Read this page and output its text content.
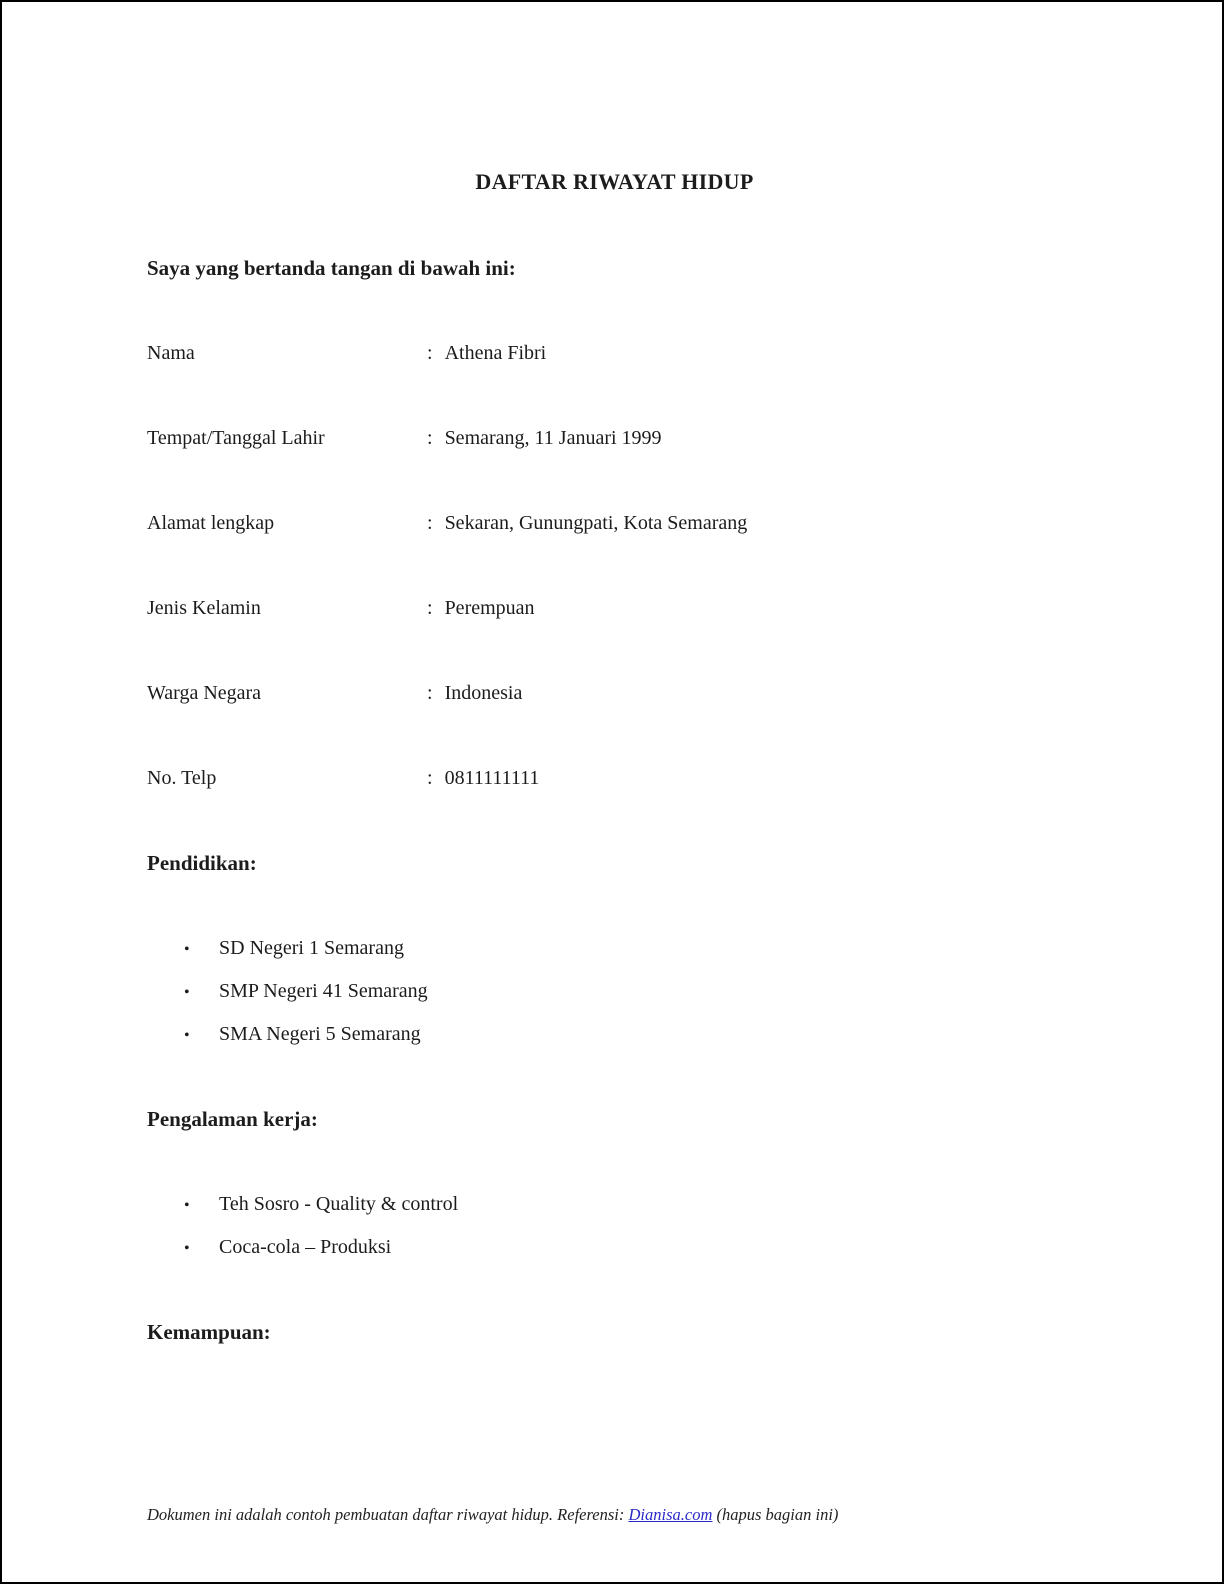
DAFTAR RIWAYAT HIDUP
Saya yang bertanda tangan di bawah ini:
Nama	: Athena Fibri
Tempat/Tanggal Lahir	: Semarang, 11 Januari 1999
Alamat lengkap	: Sekaran, Gunungpati, Kota Semarang
Jenis Kelamin	: Perempuan
Warga Negara	: Indonesia
No. Telp	: 0811111111
Pendidikan:
•	SD Negeri 1 Semarang
•	SMP Negeri 41 Semarang
•	SMA Negeri 5 Semarang
Pengalaman kerja:
•	Teh Sosro - Quality & control
•	Coca-cola – Produksi
Kemampuan:
Dokumen ini adalah contoh pembuatan daftar riwayat hidup. Referensi: Dianisa.com (hapus bagian ini)
